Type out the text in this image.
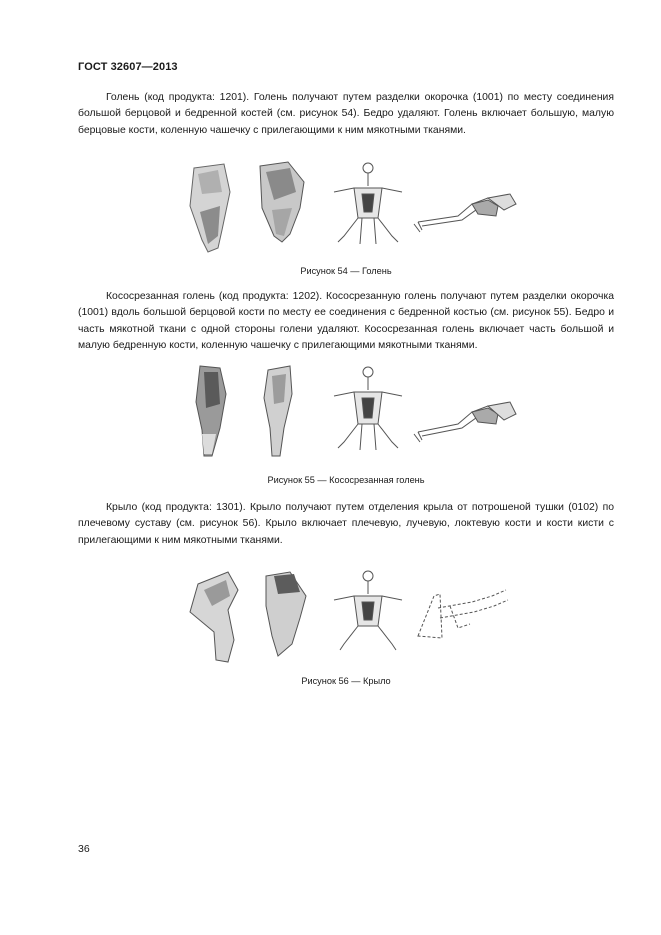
ГОСТ 32607—2013

Голень (код продукта: 1201). Голень получают путем разделки окорочка (1001) по месту соединения большой берцовой и бедренной костей (см. рисунок 54). Бедро удаляют. Голень включает большую, малую берцовые кости, коленную чашечку с прилегающими к ним мякотными тканями.

Рисунок 54 — Голень

Кососрезанная голень (код продукта: 1202). Кососрезанную голень получают путем разделки окорочка (1001) вдоль большой берцовой кости по месту ее соединения с бедренной костью (см. рисунок 55). Бедро и часть мякотной ткани с одной стороны голени удаляют. Кососрезанная голень включает часть большой и малую бедренную кости, коленную чашечку с прилегающими мякотными тканями.

Рисунок 55 — Кососрезанная голень

Крыло (код продукта: 1301). Крыло получают путем отделения крыла от потрошеной тушки (0102) по плечевому суставу (см. рисунок 56). Крыло включает плечевую, лучевую, локтевую кости и кости кисти с прилегающими к ним мякотными тканями.

Рисунок 56 — Крыло
36
